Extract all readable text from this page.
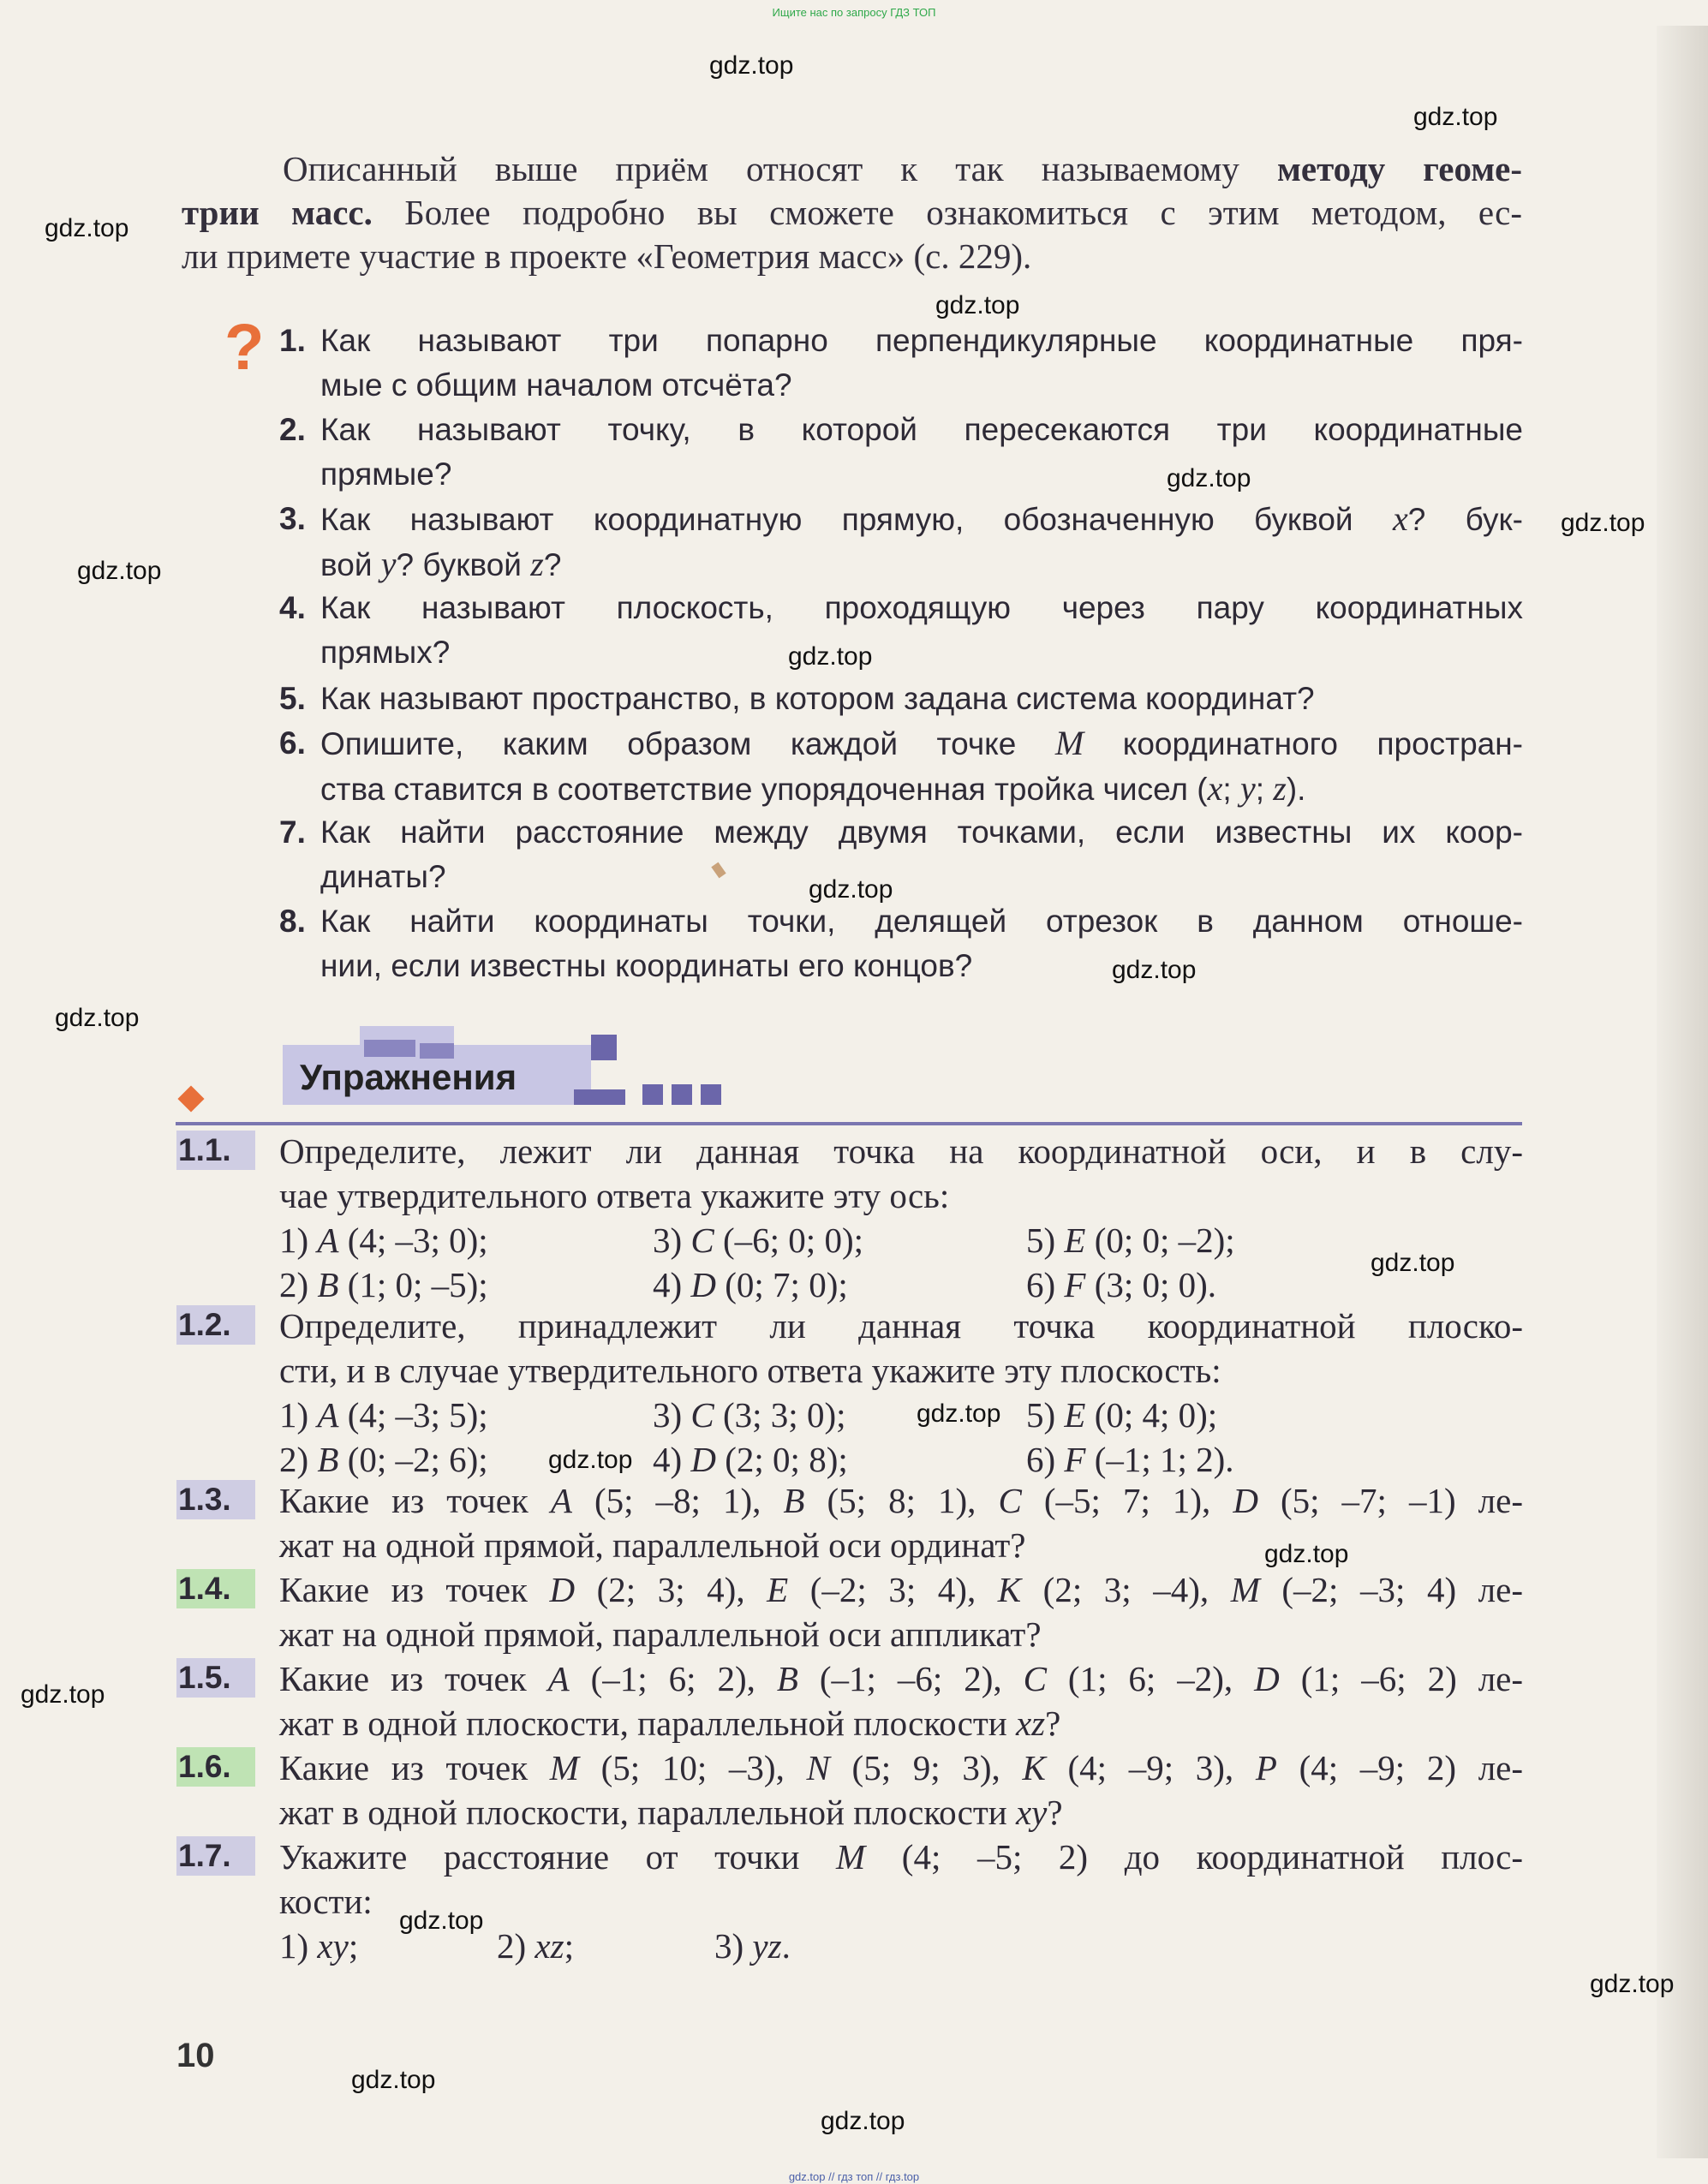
Ищите нас по запросу ГДЗ ТОП
Описанный выше приём относят к так называемому методу геоме-
трии масс. Более подробно вы сможете ознакомиться с этим методом, ес-
ли примете участие в проекте «Геометрия масс» (с. 229).
? 1. Как называют три попарно перпендикулярные координатные пря-
мые с общим началом отсчёта?
2. Как называют точку, в которой пересекаются три координатные
прямые?
3. Как называют координатную прямую, обозначенную буквой x? бук-
вой y? буквой z?
4. Как называют плоскость, проходящую через пару координатных
прямых?
5. Как называют пространство, в котором задана система координат?
6. Опишите, каким образом каждой точке M координатного простран-
ства ставится в соответствие упорядоченная тройка чисел (x; y; z).
7. Как найти расстояние между двумя точками, если известны их коор-
динаты?
8. Как найти координаты точки, делящей отрезок в данном отноше-
нии, если известны координаты его концов?
Упражнения
1.1.	Определите, лежит ли данная точка на координатной оси, и в слу-
чае утвердительного ответа укажите эту ось:
1) A (4; –3; 0);	3) C (–6; 0; 0);	5) E (0; 0; –2);
2) B (1; 0; –5);	4) D (0; 7; 0);	6) F (3; 0; 0).
1.2.	Определите, принадлежит ли данная точка координатной плоско-
сти, и в случае утвердительного ответа укажите эту плоскость:
1) A (4; –3; 5);	3) C (3; 3; 0);	5) E (0; 4; 0);
2) B (0; –2; 6);	4) D (2; 0; 8);	6) F (–1; 1; 2).
1.3.	Какие из точек A (5; –8; 1), B (5; 8; 1), C (–5; 7; 1), D (5; –7; –1) ле-
жат на одной прямой, параллельной оси ординат?
1.4.	Какие из точек D (2; 3; 4), E (–2; 3; 4), K (2; 3; –4), M (–2; –3; 4) ле-
жат на одной прямой, параллельной оси аппликат?
1.5.	Какие из точек A (–1; 6; 2), B (–1; –6; 2), C (1; 6; –2), D (1; –6; 2) ле-
жат в одной плоскости, параллельной плоскости xz?
1.6.	Какие из точек M (5; 10; –3), N (5; 9; 3), K (4; –9; 3), P (4; –9; 2) ле-
жат в одной плоскости, параллельной плоскости xy?
1.7.	Укажите расстояние от точки M (4; –5; 2) до координатной плос-
кости:
1) xy;	2) xz;	3) yz.
10
gdz.top // гдз топ // гдз.top
gdz.top
gdz.top
gdz.top
gdz.top
gdz.top
gdz.top
gdz.top
gdz.top
gdz.top
gdz.top
gdz.top
gdz.top
gdz.top
gdz.top
gdz.top
gdz.top
gdz.top
gdz.top
gdz.top
gdz.top
